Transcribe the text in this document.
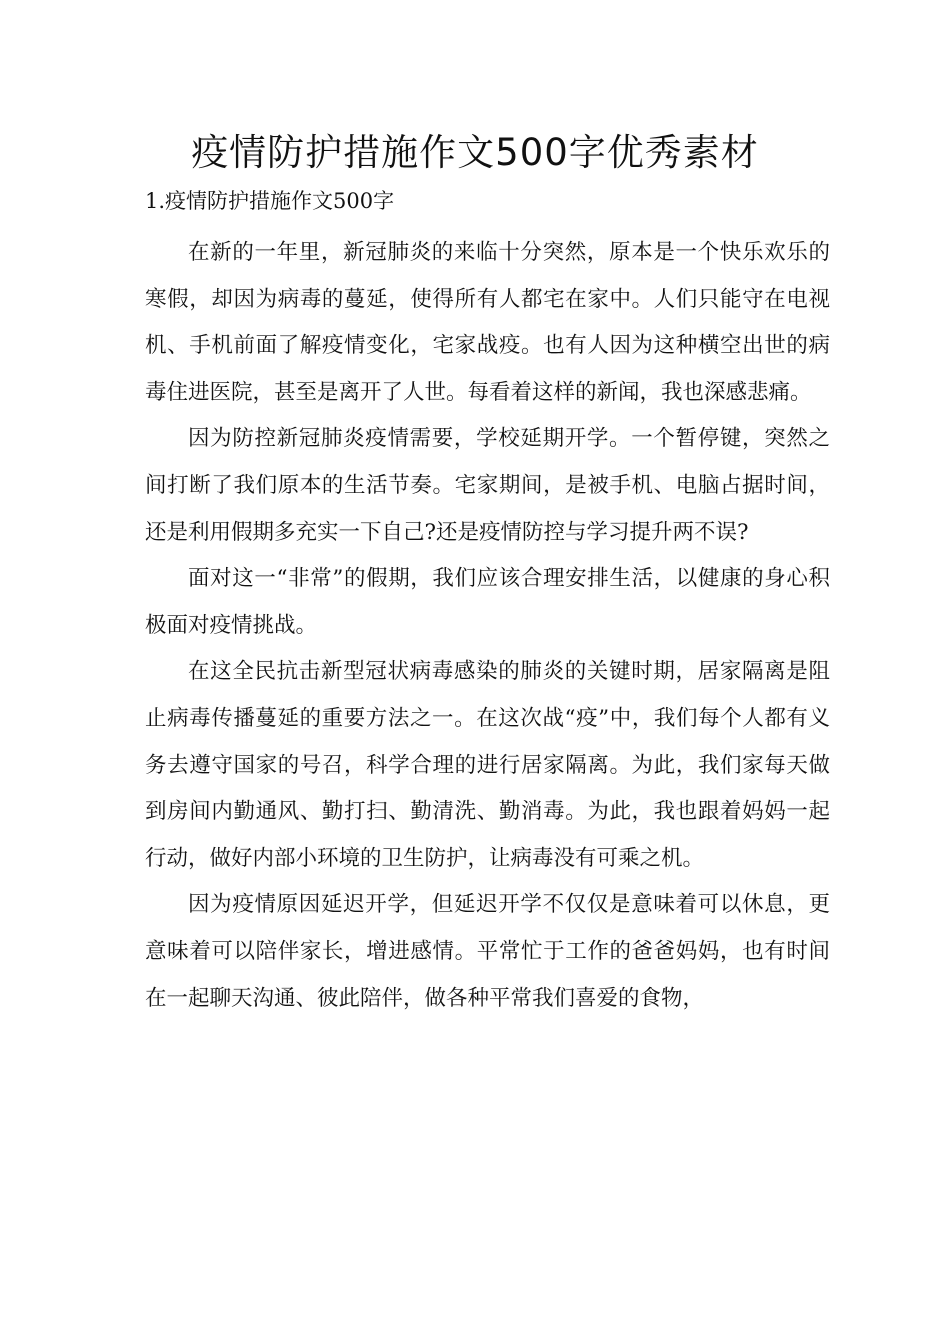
疫情防护措施作文500字优秀素材

1.疫情防护措施作文500字

在新的一年里，新冠肺炎的来临十分突然，原本是一个快乐欢乐的寒假，却因为病毒的蔓延，使得所有人都宅在家中。人们只能守在电视机、手机前面了解疫情变化，宅家战疫。也有人因为这种横空出世的病毒住进医院，甚至是离开了人世。每看着这样的新闻，我也深感悲痛。

因为防控新冠肺炎疫情需要，学校延期开学。一个暂停键，突然之间打断了我们原本的生活节奏。宅家期间，是被手机、电脑占据时间，还是利用假期多充实一下自己?还是疫情防控与学习提升两不误?

面对这一“非常”的假期，我们应该合理安排生活，以健康的身心积极面对疫情挑战。

在这全民抗击新型冠状病毒感染的肺炎的关键时期，居家隔离是阻止病毒传播蔓延的重要方法之一。在这次战“疫”中，我们每个人都有义务去遵守国家的号召，科学合理的进行居家隔离。为此，我们家每天做到房间内勤通风、勤打扫、勤清洗、勤消毒。为此，我也跟着妈妈一起行动，做好内部小环境的卫生防护，让病毒没有可乘之机。

因为疫情原因延迟开学，但延迟开学不仅仅是意味着可以休息，更意味着可以陪伴家长，增进感情。平常忙于工作的爸爸妈妈，也有时间在一起聊天沟通、彼此陪伴，做各种平常我们喜爱的食物，
